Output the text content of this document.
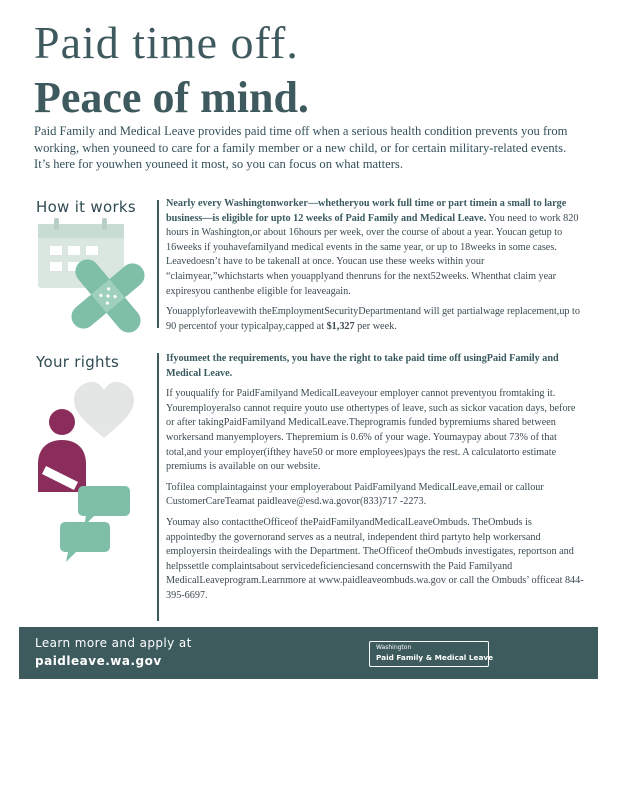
Paid time off.
Peace of mind.
Paid Family and Medical Leave provides paid time off when a serious health condition prevents you from working, when youneed to care for a family member or a new child, or for certain military-related events. It’s here for youwhen youneed it most, so you can focus on what matters.
How it works	Nearly every Washingtonworker—whetheryou work full time or part timein a small to large business—is eligible for upto 12 weeks of Paid Family and Medical Leave. You need to work 820 hours in Washington,or about 16hours per week, over the course of about a year. Youcan getup to 16weeks if youhavefamilyand medical events in the same year, or up to 18weeks in some cases. Leavedoesn’t have to be takenall at once. Youcan use these weeks within your “claimyear,”whichstarts when youapplyand thenruns for the next52weeks. Whenthat claim year expiresyou canthenbe eligible for leaveagain.

Youapplyforleavewith theEmploymentSecurityDepartmentand will get partialwage replacement,up to 90 percentof your typicalpay,capped at $1,327 per week.

Your rights	Ifyoumeet the requirements, you have the right to take paid time off usingPaid Family and Medical Leave.

If youqualify for PaidFamilyand MedicalLeaveyour employer cannot preventyou fromtaking it. Youremployeralso cannot require youto use othertypes of leave, such as sickor vacation days, before or after takingPaidFamilyand MedicalLeave.Theprogramis funded bypremiums shared between workersand manyemployers. Thepremium is 0.6% of your wage. Youmaypay about 73% of that total,and your employer(ifthey have50 or more employees)pays the rest. A calculatorto estimate premiums is available on our website.

Tofilea complaintagainst your employerabout PaidFamilyand MedicalLeave,email or callour CustomerCareTeamat paidleave@esd.wa.govor(833)717 -2273.

Youmay also contacttheOfficeof thePaidFamilyandMedicalLeaveOmbuds. TheOmbuds is appointedby the governorand serves as a neutral, independent third partyto help workersand employersin theirdealings with the Department. TheOfficeof theOmbuds investigates, reportson and helpssettle complaintsabout servicedeficienciesand concernswith the Paid Familyand MedicalLeaveprogram.Learnmore at www.paidleaveombuds.wa.gov or call the Ombuds’ officeat 844-395-6697.

Learn more and apply at
paidleave.wa.gov
Washington
Paid Family & Medical Leave
